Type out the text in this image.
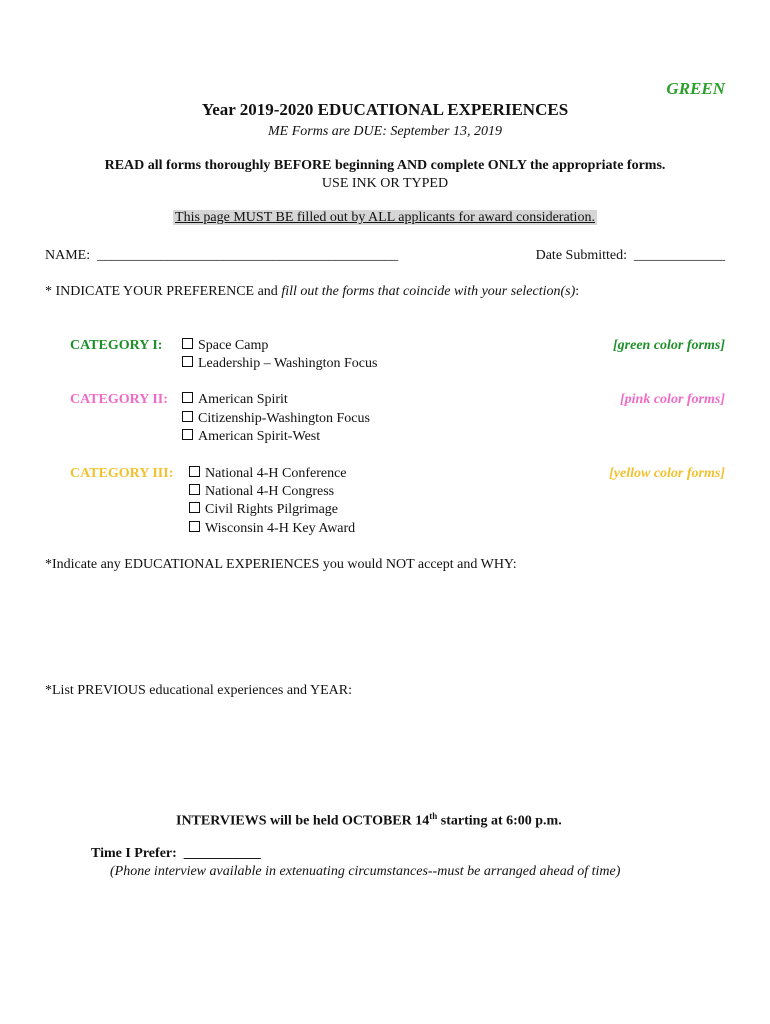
GREEN
Year 2019-2020 EDUCATIONAL EXPERIENCES
ME Forms are DUE: September 13, 2019
READ all forms thoroughly BEFORE beginning AND complete ONLY the appropriate forms.
USE INK OR TYPED
This page MUST BE filled out by ALL applicants for award consideration.
NAME: ___________________________________________	Date Submitted: _____________
* INDICATE YOUR PREFERENCE and fill out the forms that coincide with your selection(s):
CATEGORY I:	Space Camp
Leadership – Washington Focus
[green color forms]
CATEGORY II:	American Spirit
Citizenship-Washington Focus
American Spirit-West
[pink color forms]
CATEGORY III:	National 4-H Conference
National 4-H Congress
Civil Rights Pilgrimage
Wisconsin 4-H Key Award
[yellow color forms]
*Indicate any EDUCATIONAL EXPERIENCES you would NOT accept and WHY:
*List PREVIOUS educational experiences and YEAR:
INTERVIEWS will be held OCTOBER 14th starting at 6:00 p.m.
Time I Prefer: ___________
(Phone interview available in extenuating circumstances--must be arranged ahead of time)
